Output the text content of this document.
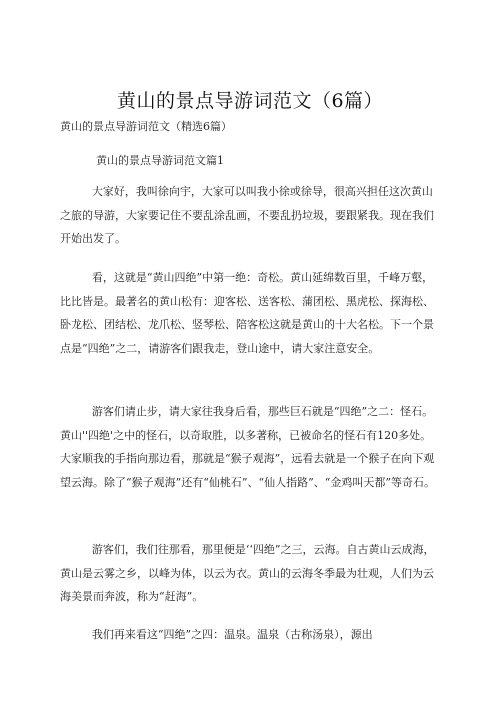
黄山的景点导游词范文（6篇）
黄山的景点导游词范文（精选6篇）
黄山的景点导游词范文篇1

大家好，我叫徐向宇，大家可以叫我小徐或徐导，很高兴担任这次黄山之旅的导游，大家要记住不要乱涂乱画，不要乱扔垃圾，要跟紧我。现在我们开始出发了。

看，这就是“黄山四绝”中第一绝：奇松。黄山延绵数百里，千峰万壑，比比皆是。最著名的黄山松有：迎客松、送客松、蒲团松、黑虎松、探海松、卧龙松、团结松、龙爪松、竖琴松、陪客松这就是黄山的十大名松。下一个景点是“四绝”之二，请游客们跟我走，登山途中，请大家注意安全。

游客们请止步，请大家往我身后看，那些巨石就是“四绝”之二：怪石。黄山''四绝'之中的怪石，以奇取胜，以多著称，已被命名的怪石有120多处。大家顺我的手指向那边看，那就是“猴子观海”，远看去就是一个猴子在向下观望云海。除了“猴子观海”还有“仙桃石”、“仙人指路”、“金鸡叫天都”等奇石。

游客们，我们往那看，那里便是‘‘四绝”之三，云海。自古黄山云成海，黄山是云雾之乡，以峰为体，以云为衣。黄山的云海冬季最为壮观，人们为云海美景而奔波，称为“赶海”。

我们再来看这“四绝”之四：温泉。温泉（古称汤泉），源出
